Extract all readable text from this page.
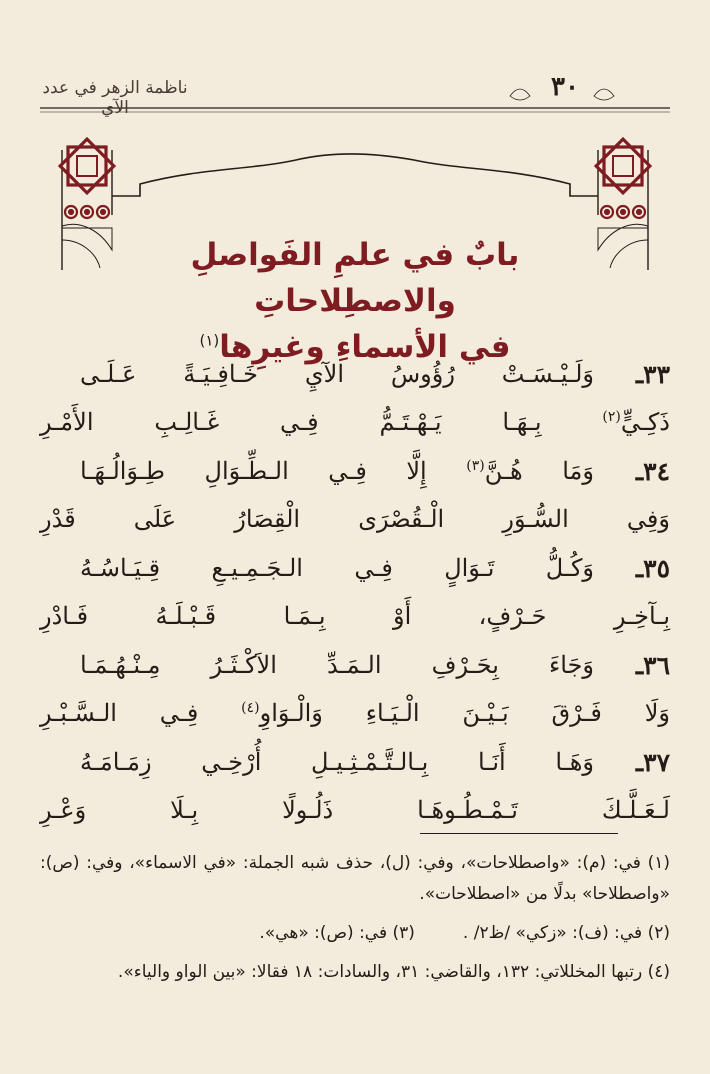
ناظمة الزهر في عدد الآي
٣٠
بابٌ في علمِ الفَواصلِ والاصطِلاحاتِ
في الأسماءِ وغيرِها$^{(١)}$
٣٣ـ
وَلَـيْـسَـتْ رُؤُوسُ الآيِ خَـافِـيَـةً عَـلَـى
ذَكِـيٍّ$^{(٢)}$ بِـهَـا يَـهْـتَـمُّ فِـي غَـالِـبِ الأَمْـرِ
٣٤ـ
وَمَا هُـنَّ$^{(٣)}$ إِلَّا فِـي الـطِّـوَالِ طِـوَالُـهَـا
وَفِي السُّـوَرِ الْـقُصْرَى الْقِصَارُ عَلَى قَدْرِ
٣٥ـ
وَكُـلُّ تَـوَالٍ فِـي الـجَـمِـيـعِ قِـيَـاسُـهُ
بِـآخِـرِ حَـرْفٍ، أَوْ بِـمَـا قَـبْـلَـهُ فَـادْرِ
٣٦ـ
وَجَاءَ بِحَـرْفِ الـمَـدِّ الاَكْـثَـرُ مِـنْـهُـمَـا
وَلَا فَـرْقَ بَـيْـنَ الْـيَـاءِ وَالْـوَاوِ$^{(٤)}$ فِـي الـسَّـبْـرِ
٣٧ـ
وَهَـا أَنَـا بِـالـتَّـمْـثِـيـلِ أُرْخِـي زِمَـامَـهُ
لَـعَـلَّـكَ تَـمْـطُـوهَـا ذَلُـولًا بِـلَا وَعْـرِ

(١) في: (م): «واصطلاحات»، وفي: (ل)، حذف شبه الجملة: «في الاسماء»، وفي: (ص): «واصطلاحا» بدلًا من «اصطلاحات».

(٢) في: (ف): «زكي» /ظ٢/ .
(٣) في: (ص): «هي».

(٤) رتبها المخللاتي: ١٣٢، والقاضي: ٣١، والسادات: ١٨ فقالا: «بين الواو والياء».
